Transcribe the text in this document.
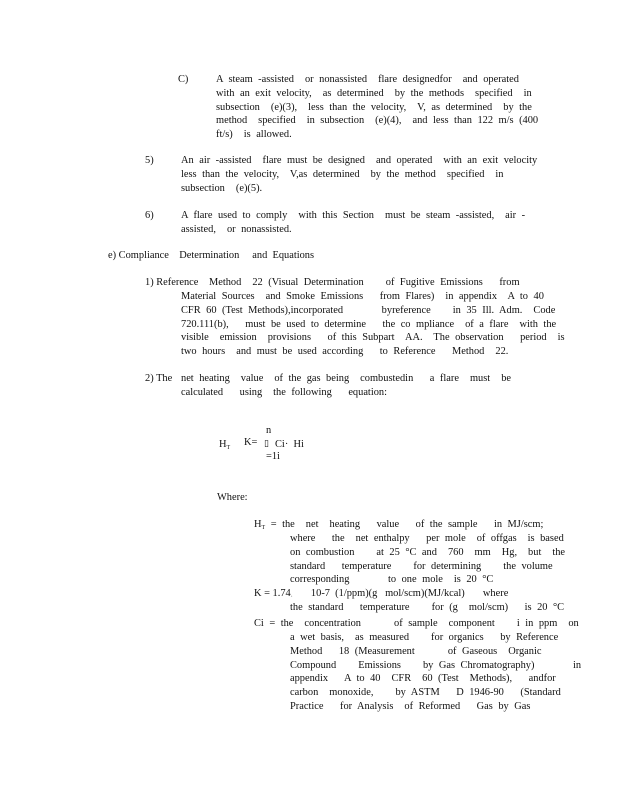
C)	A steam -assisted  or nonassisted  flare designedfor  and operated
with an exit velocity,  as determined  by the methods  specified  in
subsection  (e)(3),  less than the velocity,  V, as determined  by the
method  specified  in subsection  (e)(4),  and less than 122 m/s (400
ft/s)  is allowed.
5)	An air -assisted  flare must be designed  and operated  with an exit velocity
less than the velocity,  V,as determined  by the method  specified  in
subsection  (e)(5).
6)	A flare used to comply  with this Section  must be steam -assisted,  air -
assisted,  or nonassisted.
e) Compliance    Determination     and  Equations
1) Reference Method  22 (Visual Determination    of Fugitive Emissions   from
Material Sources  and Smoke Emissions   from Flares)  in appendix  A to 40
CFR 60 (Test Methods),incorporated       byreference    in 35 Ill. Adm.  Code
720.111(b),   must be used to determine   the co mpliance  of a flare  with the
visible  emission  provisions   of this Subpart  AA.  The observation   period  is
two hours  and must be used according   to Reference   Method  22.
2) The net heating  value  of the gas being  combustedin   a flare  must  be
calculated   using  the following   equation:
n
$H_T$ K= ▯ Ci·  Hi
=1i
Where:
$H_T$ = the  net  heating   value   of the sample   in MJ/scm;
where   the  net enthalpy   per mole  of offgas  is based
on combustion    at 25 °C and  760  mm  Hg,  but  the
standard   temperature    for determining    the volume
corresponding       to one mole  is 20 °C
$K = 1.74_\cdot$       10-7  (1/ppm)(g   mol/scm)(MJ/kcal)       where
the standard   temperature    for (g  mol/scm)   is 20 °C
Ci = the  concentration      of sample  component    i in ppm  on
a wet basis,  as measured    for organics   by Reference
Method   18 (Measurement      of Gaseous  Organic
Compound    Emissions    by Gas Chromatography)       in
appendix   A to 40  CFR  60 (Test  Methods),   andfor
carbon  monoxide,    by ASTM   D 1946-90   (Standard
Practice   for Analysis  of Reformed   Gas by Gas
